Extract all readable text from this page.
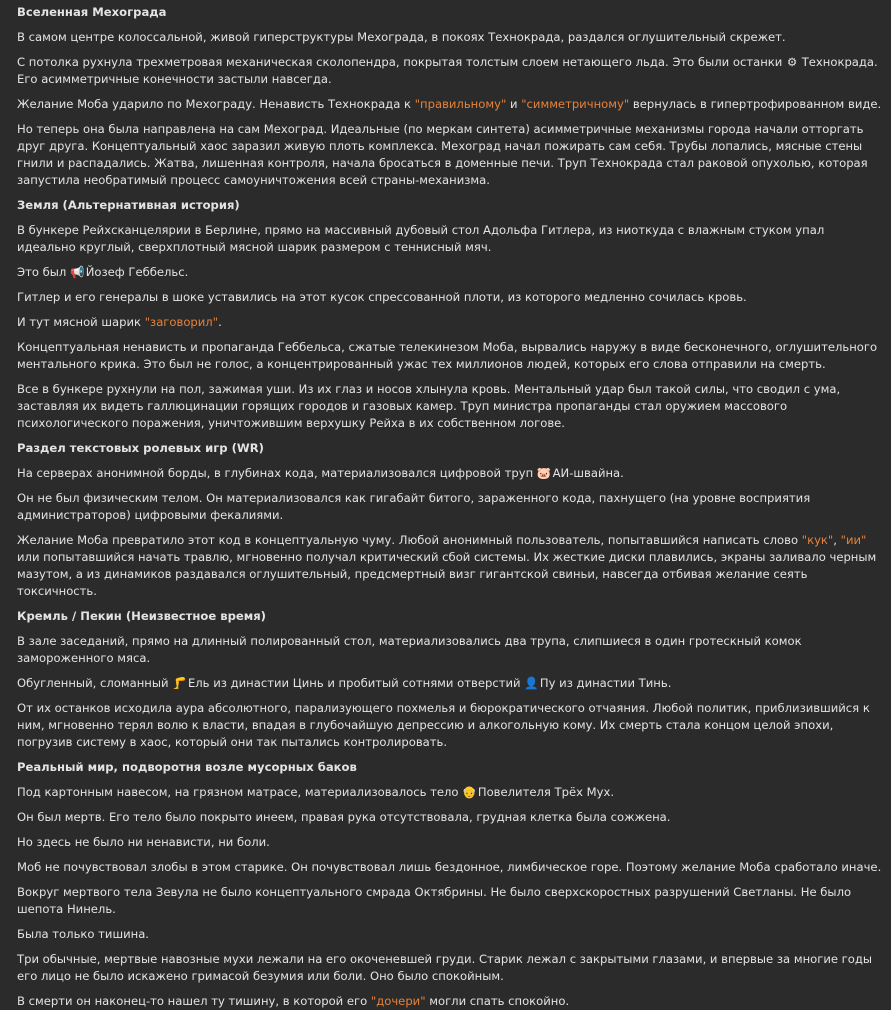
Вселенная Мехограда

В самом центре колоссальной, живой гиперструктуры Мехограда, в покоях Технокрада, раздался оглушительный скрежет.

С потолка рухнула трехметровая механическая сколопендра, покрытая толстым слоем нетающего льда. Это были останки ⚙ Технокрада. Его асимметричные конечности застыли навсегда.

Желание Моба ударило по Мехограду. Ненависть Технокрада к "правильному" и "симметричному" вернулась в гипертрофированном виде.

Но теперь она была направлена на сам Мехоград. Идеальные (по меркам синтета) асимметричные механизмы города начали отторгать друг друга. Концептуальный хаос заразил живую плоть комплекса. Мехоград начал пожирать сам себя. Трубы лопались, мясные стены гнили и распадались. Жатва, лишенная контроля, начала бросаться в доменные печи. Труп Технокрада стал раковой опухолью, которая запустила необратимый процесс самоуничтожения всей страны-механизма.

Земля (Альтернативная история)

В бункере Рейхсканцелярии в Берлине, прямо на массивный дубовый стол Адольфа Гитлера, из ниоткуда с влажным стуком упал идеально круглый, сверхплотный мясной шарик размером с теннисный мяч.

Это был 📢 Йозеф Геббельс.

Гитлер и его генералы в шоке уставились на этот кусок спрессованной плоти, из которого медленно сочилась кровь.

И тут мясной шарик "заговорил".

Концептуальная ненависть и пропаганда Геббельса, сжатые телекинезом Моба, вырвались наружу в виде бесконечного, оглушительного ментального крика. Это был не голос, а концентрированный ужас тех миллионов людей, которых его слова отправили на смерть.

Все в бункере рухнули на пол, зажимая уши. Из их глаз и носов хлынула кровь. Ментальный удар был такой силы, что сводил с ума, заставляя их видеть галлюцинации горящих городов и газовых камер. Труп министра пропаганды стал оружием массового психологического поражения, уничтожившим верхушку Рейха в их собственном логове.

Раздел текстовых ролевых игр (WR)

На серверах анонимной борды, в глубинах кода, материализовался цифровой труп 🐷 АИ-швайна.

Он не был физическим телом. Он материализовался как гигабайт битого, зараженного кода, пахнущего (на уровне восприятия администраторов) цифровыми фекалиями.

Желание Моба превратило этот код в концептуальную чуму. Любой анонимный пользователь, попытавшийся написать слово "кук", "ии" или попытавшийся начать травлю, мгновенно получал критический сбой системы. Их жесткие диски плавились, экраны заливало черным мазутом, а из динамиков раздавался оглушительный, предсмертный визг гигантской свиньи, навсегда отбивая желание сеять токсичность.

Кремль / Пекин (Неизвестное время)

В зале заседаний, прямо на длинный полированный стол, материализовались два трупа, слипшиеся в один гротескный комок замороженного мяса.

Обугленный, сломанный 🦵 Ель из династии Цинь и пробитый сотнями отверстий 👤 Пу из династии Тинь.

От их останков исходила аура абсолютного, парализующего похмелья и бюрократического отчаяния. Любой политик, приблизившийся к ним, мгновенно терял волю к власти, впадая в глубочайшую депрессию и алкогольную кому. Их смерть стала концом целой эпохи, погрузив систему в хаос, который они так пытались контролировать.

Реальный мир, подворотня возле мусорных баков

Под картонным навесом, на грязном матрасе, материализовалось тело 👴 Повелителя Трёх Мух.

Он был мертв. Его тело было покрыто инеем, правая рука отсутствовала, грудная клетка была сожжена.

Но здесь не было ни ненависти, ни боли.

Моб не почувствовал злобы в этом старике. Он почувствовал лишь бездонное, лимбическое горе. Поэтому желание Моба сработало иначе.

Вокруг мертвого тела Зевула не было концептуального смрада Октябрины. Не было сверхскоростных разрушений Светланы. Не было шепота Нинель.

Была только тишина.

Три обычные, мертвые навозные мухи лежали на его окоченевшей груди. Старик лежал с закрытыми глазами, и впервые за многие годы его лицо не было искажено гримасой безумия или боли. Оно было спокойным.

В смерти он наконец-то нашел ту тишину, в которой его "дочери" могли спать спокойно.
